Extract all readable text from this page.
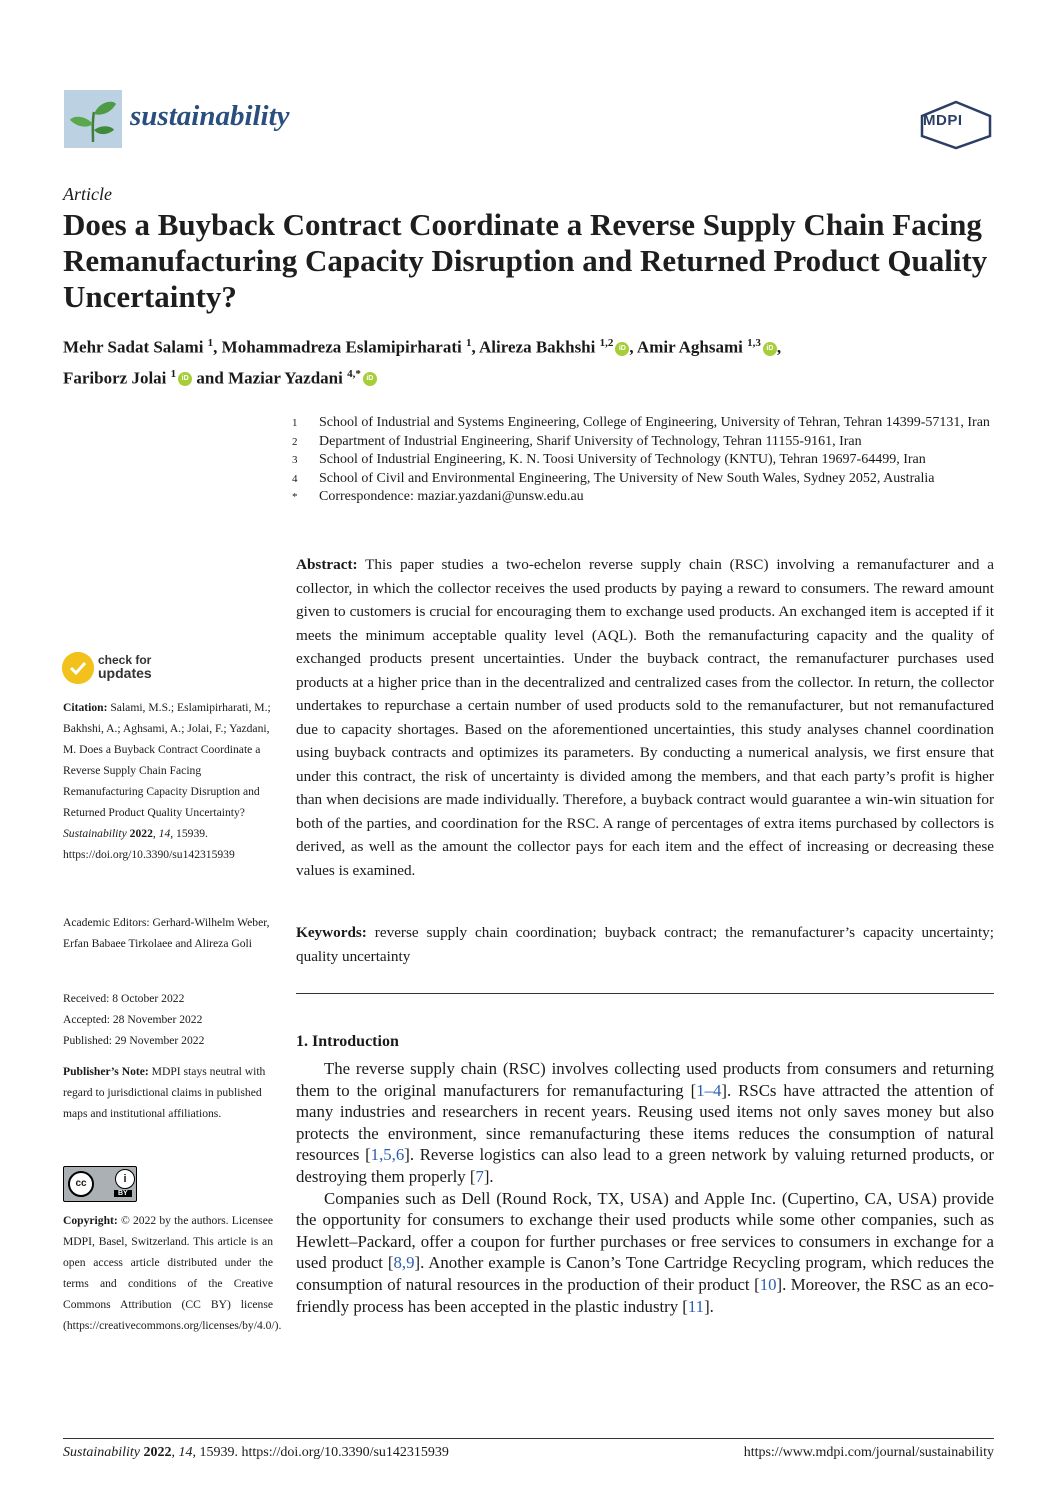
sustainability	MDPI
Article
Does a Buyback Contract Coordinate a Reverse Supply Chain Facing Remanufacturing Capacity Disruption and Returned Product Quality Uncertainty?
Mehr Sadat Salami $^1$, Mohammadreza Eslamipirharati $^1$, Alireza Bakhshi $^{1,2}$ iD , Amir Aghsami $^{1,3}$ iD ,
Fariborz Jolai $^1$ iD and Maziar Yazdani $^{4,*}$ iD
1	School of Industrial and Systems Engineering, College of Engineering, University of Tehran, Tehran 14399-57131, Iran
2	Department of Industrial Engineering, Sharif University of Technology, Tehran 11155-9161, Iran
3	School of Industrial Engineering, K. N. Toosi University of Technology (KNTU), Tehran 19697-64499, Iran
4	School of Civil and Environmental Engineering, The University of New South Wales, Sydney 2052, Australia
*	Correspondence: maziar.yazdani@unsw.edu.au
Abstract: This paper studies a two-echelon reverse supply chain (RSC) involving a remanufacturer and a collector, in which the collector receives the used products by paying a reward to consumers. The reward amount given to customers is crucial for encouraging them to exchange used products. An exchanged item is accepted if it meets the minimum acceptable quality level (AQL). Both the remanufacturing capacity and the quality of exchanged products present uncertainties. Under the buyback contract, the remanufacturer purchases used products at a higher price than in the decentralized and centralized cases from the collector. In return, the collector undertakes to repurchase a certain number of used products sold to the remanufacturer, but not remanufactured due to capacity shortages. Based on the aforementioned uncertainties, this study analyses channel coordination using buyback contracts and optimizes its parameters. By conducting a numerical analysis, we first ensure that under this contract, the risk of uncertainty is divided among the members, and that each party’s profit is higher than when decisions are made individually. Therefore, a buyback contract would guarantee a win-win situation for both of the parties, and coordination for the RSC. A range of percentages of extra items purchased by collectors is derived, as well as the amount the collector pays for each item and the effect of increasing or decreasing these values is examined.
Keywords: reverse supply chain coordination; buyback contract; the remanufacturer’s capacity uncertainty; quality uncertainty
1. Introduction

The reverse supply chain (RSC) involves collecting used products from consumers and returning them to the original manufacturers for remanufacturing [1–4]. RSCs have attracted the attention of many industries and researchers in recent years. Reusing used items not only saves money but also protects the environment, since remanufacturing these items reduces the consumption of natural resources [1,5,6]. Reverse logistics can also lead to a green network by valuing returned products, or destroying them properly [7].

Companies such as Dell (Round Rock, TX, USA) and Apple Inc. (Cupertino, CA, USA) provide the opportunity for consumers to exchange their used products while some other companies, such as Hewlett–Packard, offer a coupon for further purchases or free services to consumers in exchange for a used product [8,9]. Another example is Canon’s Tone Cartridge Recycling program, which reduces the consumption of natural resources in the production of their product [10]. Moreover, the RSC as an eco-friendly process has been accepted in the plastic industry [11].

check for
updates
Citation: Salami, M.S.; Eslamipirharati, M.; Bakhshi, A.; Aghsami, A.; Jolai, F.; Yazdani, M. Does a Buyback Contract Coordinate a Reverse Supply Chain Facing Remanufacturing Capacity Disruption and Returned Product Quality Uncertainty? Sustainability 2022, 14, 15939. https://doi.org/10.3390/su142315939
Academic Editors: Gerhard-Wilhelm Weber, Erfan Babaee Tirkolaee and Alireza Goli
Received: 8 October 2022
Accepted: 28 November 2022
Published: 29 November 2022
Publisher’s Note: MDPI stays neutral with regard to jurisdictional claims in published maps and institutional affiliations.
cc	i
BY
Copyright: © 2022 by the authors. Licensee MDPI, Basel, Switzerland. This article is an open access article distributed under the terms and conditions of the Creative Commons Attribution (CC BY) license (https://creativecommons.org/licenses/by/4.0/).
Sustainability 2022, 14, 15939. https://doi.org/10.3390/su142315939	https://www.mdpi.com/journal/sustainability
